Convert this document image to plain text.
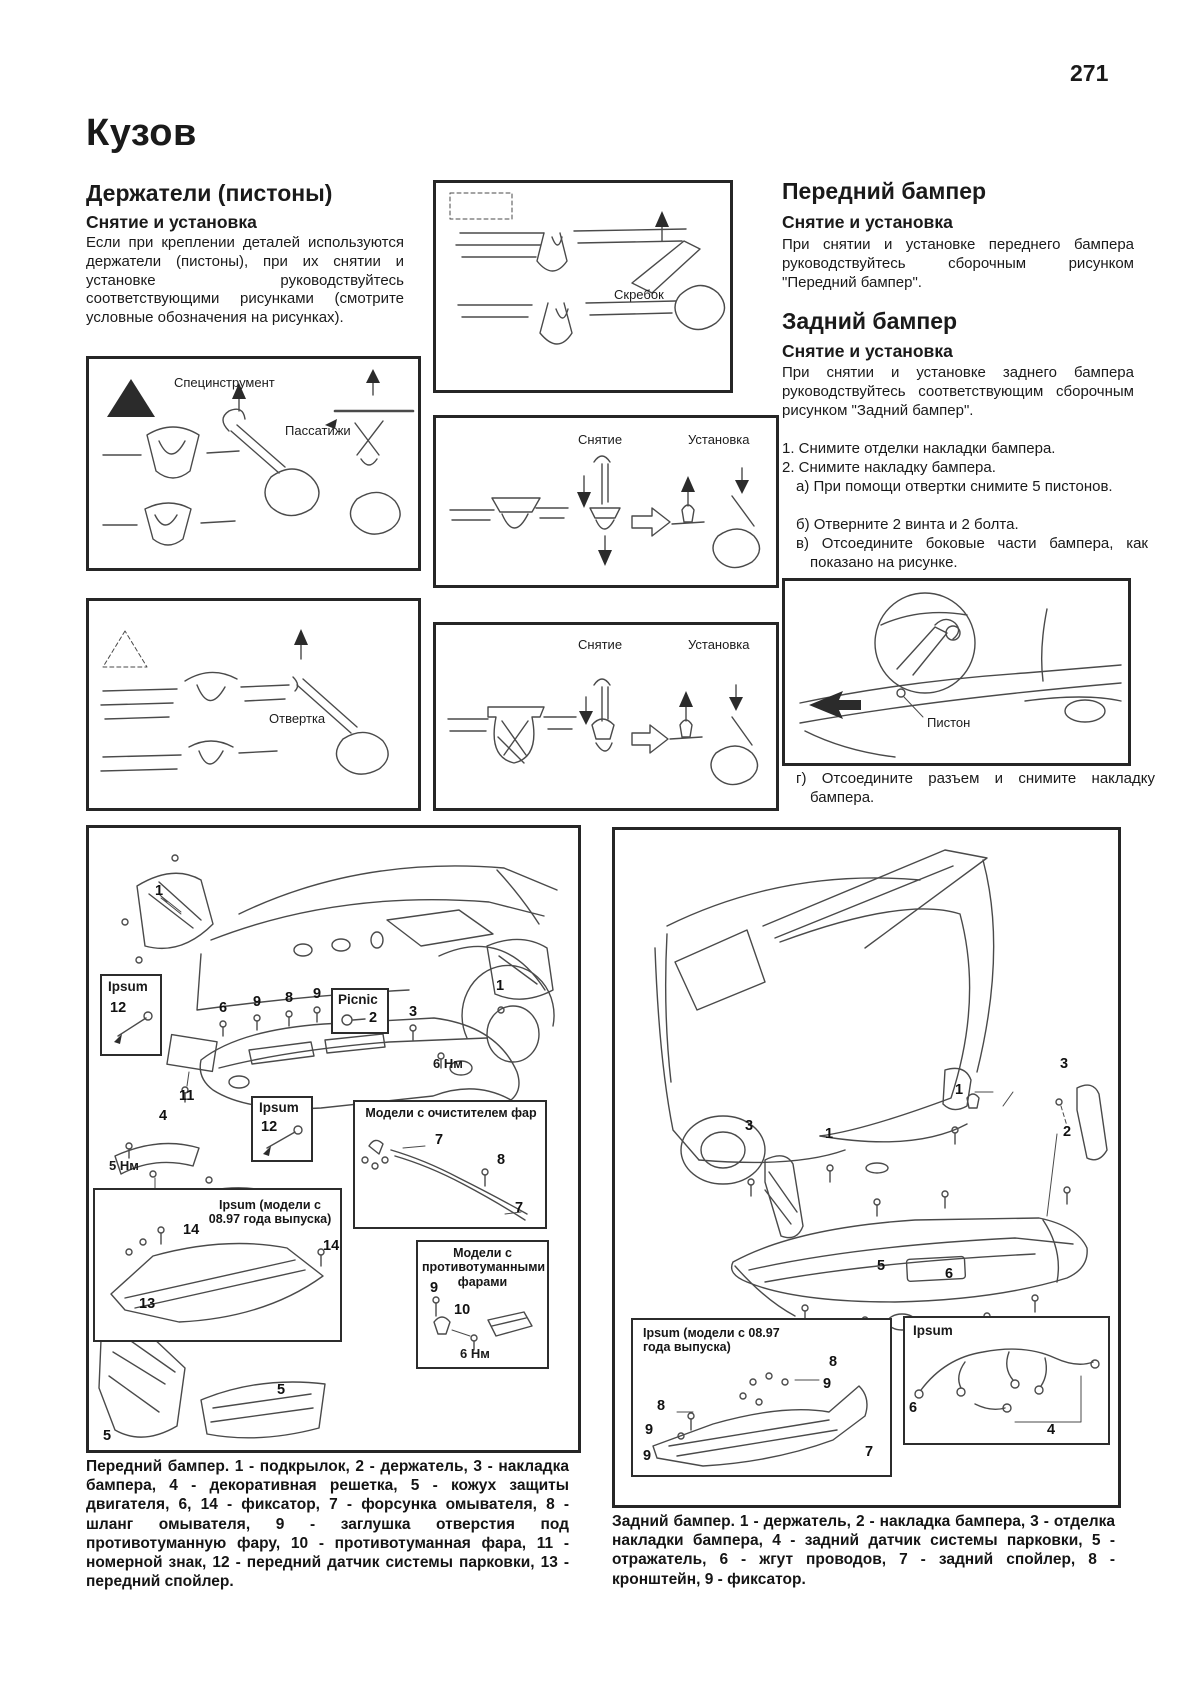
271
Кузов
Держатели (пистоны)
Снятие и установка
Если при креплении деталей используются держатели (пистоны), при их снятии и установке руководствуйтесь соответствующими рисунками (смотрите условные обозначения на рисунках).
Передний бампер
Снятие и установка
При снятии и установке переднего бампера руководствуйтесь сборочным рисунком "Передний бампер".
Задний бампер
Снятие и установка
При снятии и установке заднего бампера руководствуйтесь соответствующим сборочным рисунком "Задний бампер".
1. Снимите отделки накладки бампера.
2. Снимите накладку бампера.
а) При помощи отвертки снимите 5 пистонов.
б) Отверните 2 винта и 2 болта.
в) Отсоедините боковые части бампера, как показано на рисунке.
Скребок
Специнструмент
Пассатижи
Отвертка
Снятие	Установка
Снятие	Установка
Пистон
г) Отсоедините разъем и снимите накладку бампера.
1
1
6 9 8 9
3
11
4
5
5
6 Нм
5 Нм
Ipsum
12
Picnic
2
Ipsum
12
Модели с очистителем фар
7
8
7
Ipsum (модели с 08.97 года выпуска)
14
14
13
Модели с противотуманными фарами
9
10
6 Нм
Передний бампер. 1 - подкрылок, 2 - держатель, 3 - накладка бампера, 4 - декоративная решетка, 5 - кожух защиты двигателя, 6, 14 - фиксатор, 7 - форсунка омывателя, 8 - шланг омывателя, 9 - заглушка отверстия под противотуманную фару, 10 - противотуманная фара, 11 - номерной знак, 12 - передний датчик системы парковки, 13 - передний спойлер.
3
1
2
3	1
5	6
Ipsum (модели с 08.97 года выпуска)
8
9
8
9
9	7
Ipsum
6
4
Задний бампер. 1 - держатель, 2 - накладка бампера, 3 - отделка накладки бампера, 4 - задний датчик системы парковки, 5 - отражатель, 6 - жгут проводов, 7 - задний спойлер, 8 - кронштейн, 9 - фиксатор.
